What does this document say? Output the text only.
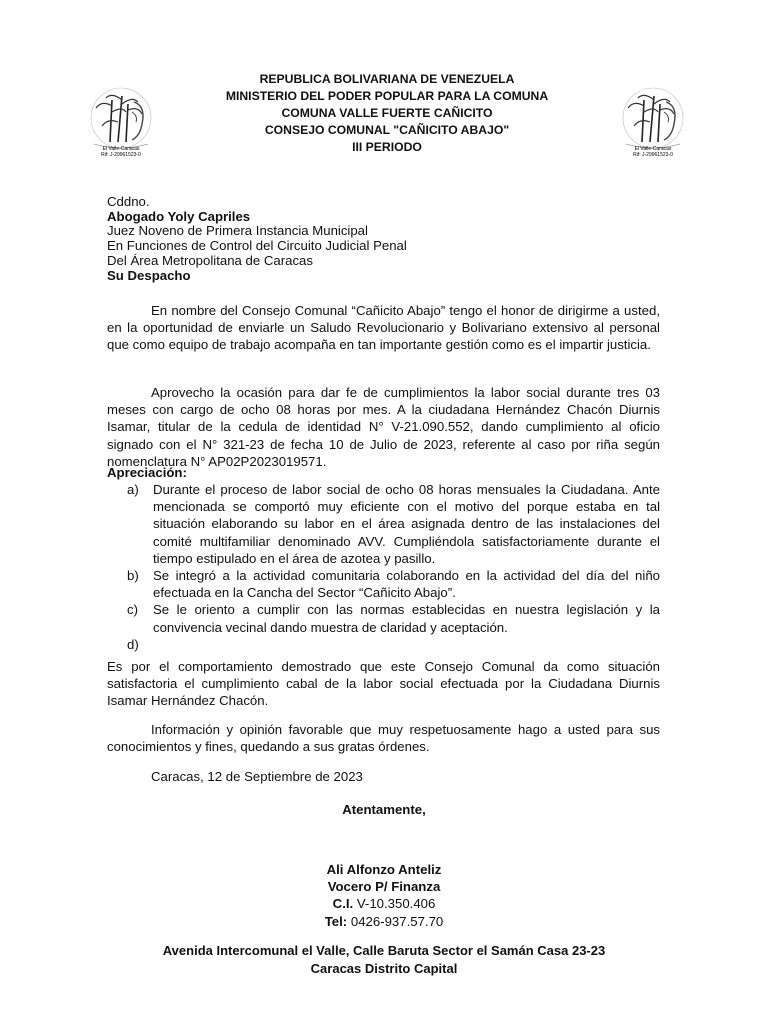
El Valle-Caracas
Rif: J-29961523-0
El Valle-Caracas
Rif: J-29961523-0
REPUBLICA BOLIVARIANA DE VENEZUELA
MINISTERIO DEL PODER POPULAR PARA LA COMUNA
COMUNA VALLE FUERTE CAÑICITO
CONSEJO COMUNAL "CAÑICITO ABAJO"
III PERIODO
Cddno.
Abogado Yoly Capriles
Juez Noveno de Primera Instancia Municipal
En Funciones de Control del Circuito Judicial Penal
Del Área Metropolitana de Caracas
Su Despacho
En nombre del Consejo Comunal “Cañicito Abajo” tengo el honor de dirigirme a usted, en la oportunidad de enviarle un Saludo Revolucionario y Bolivariano extensivo al personal que como equipo de trabajo acompaña en tan importante gestión como es el impartir justicia.
Aprovecho la ocasión para dar fe de cumplimientos la labor social durante tres 03 meses con cargo de ocho 08 horas por mes. A la ciudadana Hernández Chacón Diurnis Isamar, titular de la cedula de identidad N° V-21.090.552, dando cumplimiento al oficio signado con el N° 321-23 de fecha 10 de Julio de 2023, referente al caso por riña según nomenclatura N° AP02P2023019571.
Apreciación:
a)	Durante el proceso de labor social de ocho 08 horas mensuales la Ciudadana. Ante mencionada se comportó muy eficiente con el motivo del porque estaba en tal situación elaborando su labor en el área asignada dentro de las instalaciones del comité multifamiliar denominado AVV. Cumpliéndola satisfactoriamente durante el tiempo estipulado en el área de azotea y pasillo.
b)	Se integró a la actividad comunitaria colaborando en la actividad del día del niño efectuada en la Cancha del Sector “Cañicito Abajo”.
c)	Se le oriento a cumplir con las normas establecidas en nuestra legislación y la convivencia vecinal dando muestra de claridad y aceptación.
d)
Es por el comportamiento demostrado que este Consejo Comunal da como situación satisfactoria el cumplimiento cabal de la labor social efectuada por la Ciudadana Diurnis Isamar Hernández Chacón.
Información y opinión favorable que muy respetuosamente hago a usted para sus conocimientos y fines, quedando a sus gratas órdenes.
Caracas, 12 de Septiembre de 2023
Atentamente,
Ali Alfonzo Anteliz
Vocero P/ Finanza
C.I. V-10.350.406
Tel: 0426-937.57.70
Avenida Intercomunal el Valle, Calle Baruta Sector el Samán Casa 23-23
Caracas Distrito Capital
